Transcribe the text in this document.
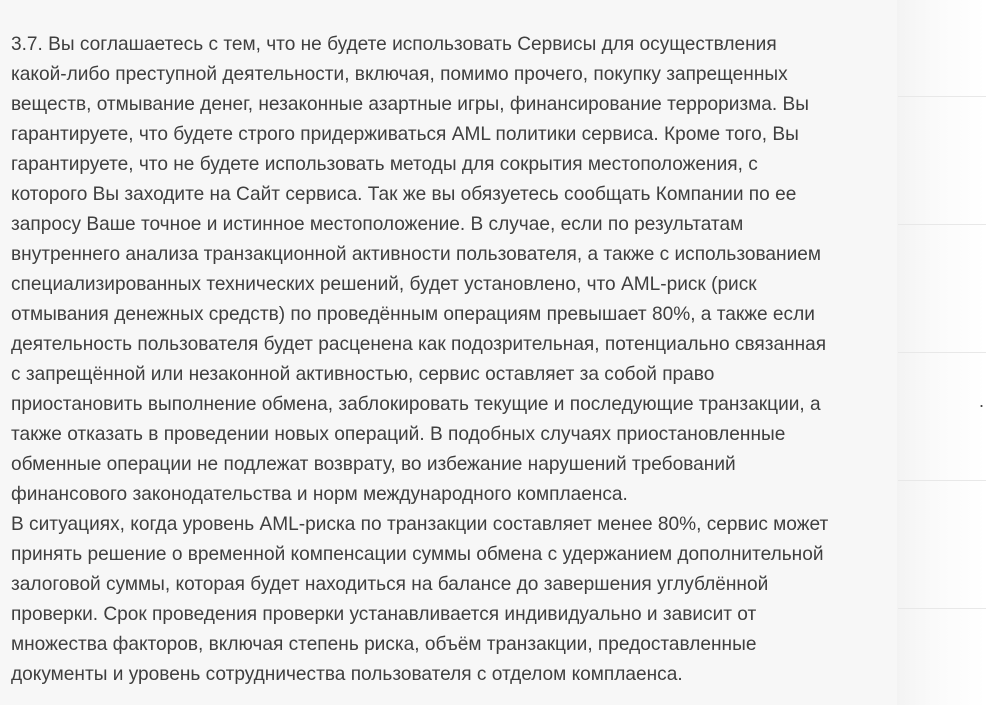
3.7. Вы соглашаетесь с тем, что не будете использовать Сервисы для осуществления
какой-либо преступной деятельности, включая, помимо прочего, покупку запрещенных
веществ, отмывание денег, незаконные азартные игры, финансирование терроризма. Вы
гарантируете, что будете строго придерживаться AML политики сервиса. Кроме того, Вы
гарантируете, что не будете использовать методы для сокрытия местоположения, с
которого Вы заходите на Сайт сервиса. Так же вы обязуетесь сообщать Компании по ее
запросу Ваше точное и истинное местоположение. В случае, если по результатам
внутреннего анализа транзакционной активности пользователя, а также с использованием
специализированных технических решений, будет установлено, что AML-риск (риск
отмывания денежных средств) по проведённым операциям превышает 80%, а также если
деятельность пользователя будет расценена как подозрительная, потенциально связанная
с запрещённой или незаконной активностью, сервис оставляет за собой право
приостановить выполнение обмена, заблокировать текущие и последующие транзакции, а
также отказать в проведении новых операций. В подобных случаях приостановленные
обменные операции не подлежат возврату, во избежание нарушений требований
финансового законодательства и норм международного комплаенса.
В ситуациях, когда уровень AML-риска по транзакции составляет менее 80%, сервис может
принять решение о временной компенсации суммы обмена с удержанием дополнительной
залоговой суммы, которая будет находиться на балансе до завершения углублённой
проверки. Срок проведения проверки устанавливается индивидуально и зависит от
множества факторов, включая степень риска, объём транзакции, предоставленные
документы и уровень сотрудничества пользователя с отделом комплаенса.
.
